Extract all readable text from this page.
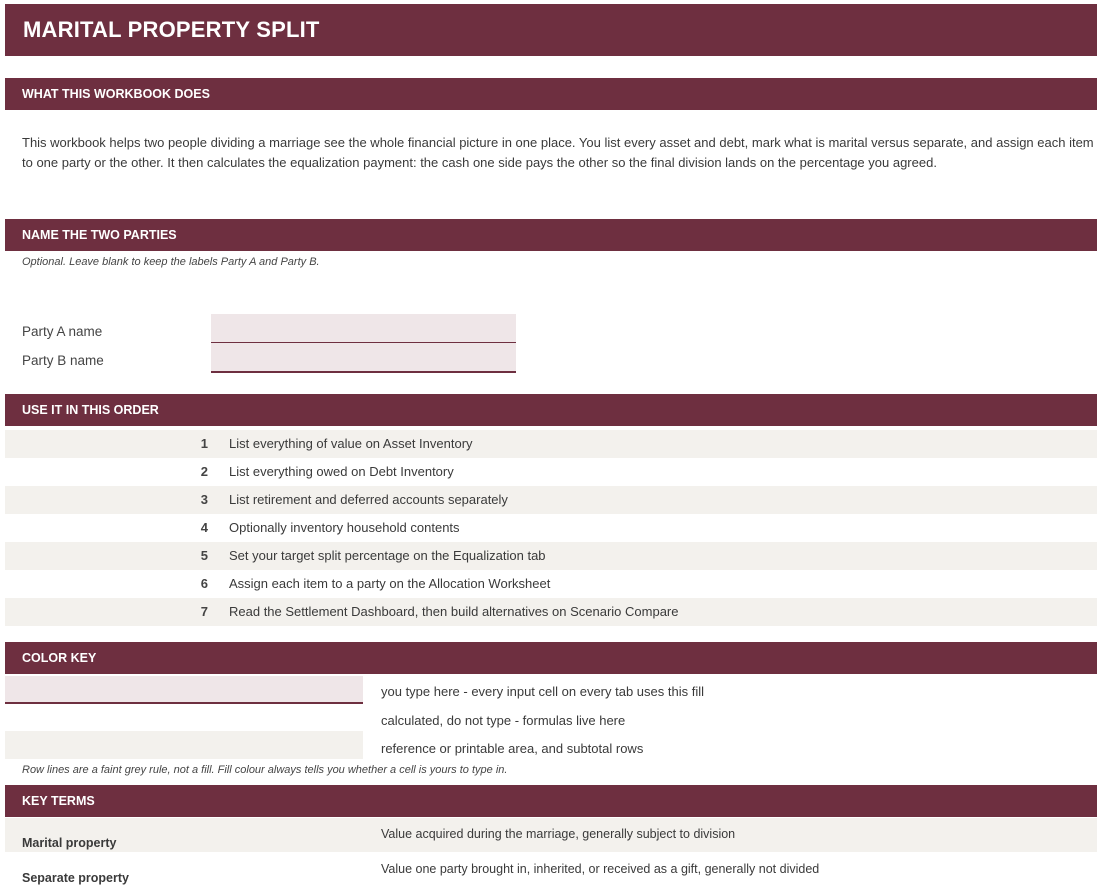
MARITAL PROPERTY SPLIT
WHAT THIS WORKBOOK DOES
This workbook helps two people dividing a marriage see the whole financial picture in one place. You list every asset and debt, mark what is marital versus separate, and assign each item to one party or the other. It then calculates the equalization payment: the cash one side pays the other so the final division lands on the percentage you agreed.
NAME THE TWO PARTIES
Optional. Leave blank to keep the labels Party A and Party B.
Party A name
Party B name
USE IT IN THIS ORDER
1 List everything of value on Asset Inventory
2 List everything owed on Debt Inventory
3 List retirement and deferred accounts separately
4 Optionally inventory household contents
5 Set your target split percentage on the Equalization tab
6 Assign each item to a party on the Allocation Worksheet
7 Read the Settlement Dashboard, then build alternatives on Scenario Compare
COLOR KEY
you type here - every input cell on every tab uses this fill
calculated, do not type - formulas live here
reference or printable area, and subtotal rows
Row lines are a faint grey rule, not a fill. Fill colour always tells you whether a cell is yours to type in.
KEY TERMS
Value acquired during the marriage, generally subject to division
Marital property
Value one party brought in, inherited, or received as a gift, generally not divided
Separate property
